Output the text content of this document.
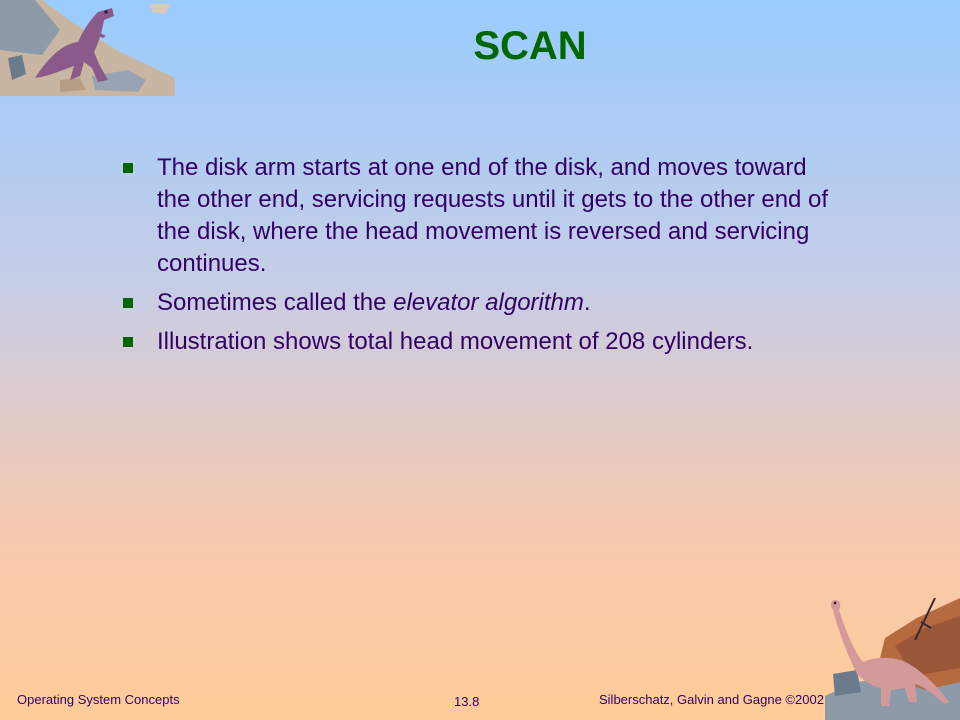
SCAN
The disk arm starts at one end of the disk, and moves toward the other end, servicing requests until it gets to the other end of the disk, where the head movement is reversed and servicing continues.
Sometimes called the elevator algorithm.
Illustration shows total head movement of 208 cylinders.
Operating System Concepts	13.8	Silberschatz, Galvin and Gagne ©2002
